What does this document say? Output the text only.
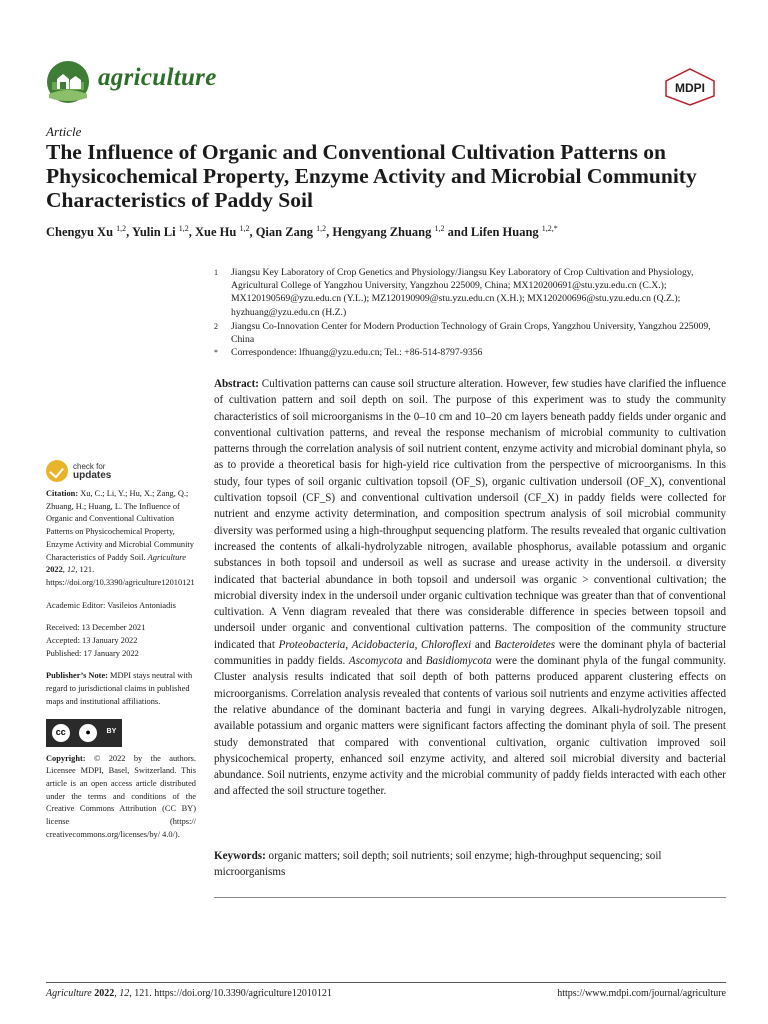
agriculture	MDPI
Article
The Influence of Organic and Conventional Cultivation Patterns on Physicochemical Property, Enzyme Activity and Microbial Community Characteristics of Paddy Soil
Chengyu Xu $^{1,2}$, Yulin Li $^{1,2}$, Xue Hu $^{1,2}$, Qian Zang $^{1,2}$, Hengyang Zhuang $^{1,2}$ and Lifen Huang $^{1,2,*}$
1 Jiangsu Key Laboratory of Crop Genetics and Physiology/Jiangsu Key Laboratory of Crop Cultivation and Physiology, Agricultural College of Yangzhou University, Yangzhou 225009, China; MX120200691@stu.yzu.edu.cn (C.X.); MX120190569@yzu.edu.cn (Y.L.); MZ120190909@stu.yzu.edu.cn (X.H.); MX120200696@stu.yzu.edu.cn (Q.Z.); hyzhuang@yzu.edu.cn (H.Z.)
2 Jiangsu Co-Innovation Center for Modern Production Technology of Grain Crops, Yangzhou University, Yangzhou 225009, China
* Correspondence: lfhuang@yzu.edu.cn; Tel.: +86-514-8797-9356
Abstract: Cultivation patterns can cause soil structure alteration. However, few studies have clarified the influence of cultivation pattern and soil depth on soil. The purpose of this experiment was to study the community characteristics of soil microorganisms in the 0–10 cm and 10–20 cm layers beneath paddy fields under organic and conventional cultivation patterns, and reveal the response mechanism of microbial community to cultivation patterns through the correlation analysis of soil nutrient content, enzyme activity and microbial dominant phyla, so as to provide a theoretical basis for high-yield rice cultivation from the perspective of microorganisms. In this study, four types of soil organic cultivation topsoil (OF_S), organic cultivation undersoil (OF_X), conventional cultivation topsoil (CF_S) and conventional cultivation undersoil (CF_X) in paddy fields were collected for nutrient and enzyme activity determination, and composition spectrum analysis of soil microbial community diversity was performed using a high-throughput sequencing platform. The results revealed that organic cultivation increased the contents of alkali-hydrolyzable nitrogen, available phosphorus, available potassium and organic substances in both topsoil and undersoil as well as sucrase and urease activity in the undersoil. α diversity indicated that bacterial abundance in both topsoil and undersoil was organic > conventional cultivation; the microbial diversity index in the undersoil under organic cultivation technique was greater than that of conventional cultivation. A Venn diagram revealed that there was considerable difference in species between topsoil and undersoil under organic and conventional cultivation patterns. The composition of the community structure indicated that Proteobacteria, Acidobacteria, Chloroflexi and Bacteroidetes were the dominant phyla of bacterial communities in paddy fields. Ascomycota and Basidiomycota were the dominant phyla of the fungal community. Cluster analysis results indicated that soil depth of both patterns produced apparent clustering effects on microorganisms. Correlation analysis revealed that contents of various soil nutrients and enzyme activities affected the relative abundance of the dominant bacteria and fungi in varying degrees. Alkali-hydrolyzable nitrogen, available potassium and organic matters were significant factors affecting the dominant phyla of soil. The present study demonstrated that compared with conventional cultivation, organic cultivation improved soil physicochemical property, enhanced soil enzyme activity, and altered soil microbial diversity and bacterial abundance. Soil nutrients, enzyme activity and the microbial community of paddy fields interacted with each other and affected the soil structure together.
Keywords: organic matters; soil depth; soil nutrients; soil enzyme; high-throughput sequencing; soil microorganisms
check for
updates
Citation: Xu, C.; Li, Y.; Hu, X.; Zang, Q.; Zhuang, H.; Huang, L. The Influence of Organic and Conventional Cultivation Patterns on Physicochemical Property, Enzyme Activity and Microbial Community Characteristics of Paddy Soil. Agriculture 2022, 12, 121. https://doi.org/10.3390/agriculture12010121
Academic Editor: Vasileios Antoniadis
Received: 13 December 2021
Accepted: 13 January 2022
Published: 17 January 2022
Publisher’s Note: MDPI stays neutral with regard to jurisdictional claims in published maps and institutional affiliations.
cc	●	BY
Copyright: © 2022 by the authors. Licensee MDPI, Basel, Switzerland. This article is an open access article distributed under the terms and conditions of the Creative Commons Attribution (CC BY) license (https:// creativecommons.org/licenses/by/ 4.0/).
Agriculture 2022, 12, 121. https://doi.org/10.3390/agriculture12010121	https://www.mdpi.com/journal/agriculture
